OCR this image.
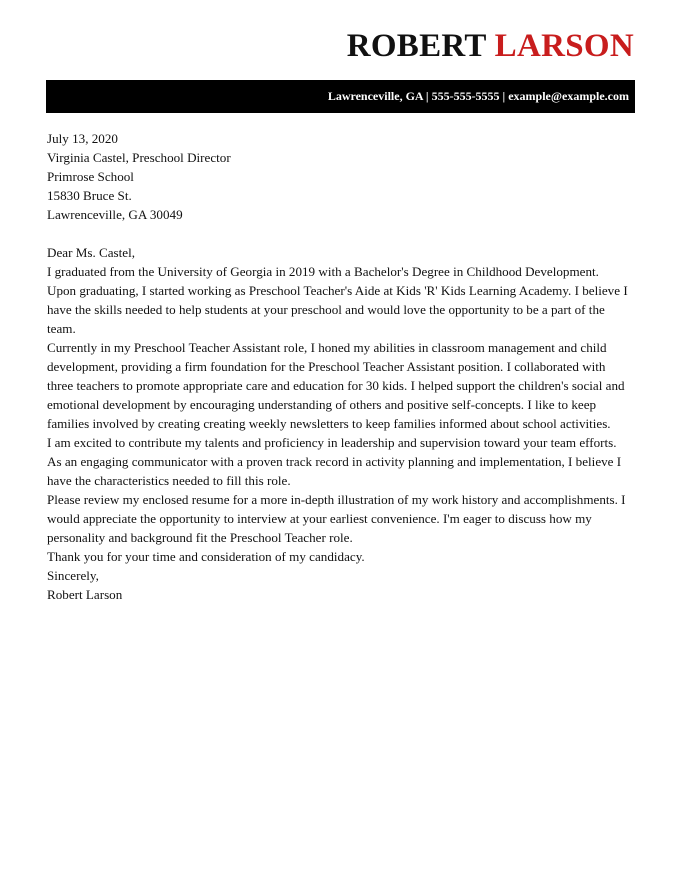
ROBERT LARSON
Lawrenceville, GA | 555-555-5555 | example@example.com

July 13, 2020

Virginia Castel, Preschool Director

Primrose School

15830 Bruce St.

Lawrenceville, GA 30049

Dear Ms. Castel,

I graduated from the University of Georgia in 2019 with a Bachelor's Degree in Childhood Development. Upon graduating, I started working as Preschool Teacher's Aide at Kids 'R' Kids Learning Academy. I believe I have the skills needed to help students at your preschool and would love the opportunity to be a part of the team.

Currently in my Preschool Teacher Assistant role, I honed my abilities in classroom management and child development, providing a firm foundation for the Preschool Teacher Assistant position. I collaborated with three teachers to promote appropriate care and education for 30 kids. I helped support the children's social and emotional development by encouraging understanding of others and positive self-concepts. I like to keep families involved by creating creating weekly newsletters to keep families informed about school activities.

I am excited to contribute my talents and proficiency in leadership and supervision toward your team efforts. As an engaging communicator with a proven track record in activity planning and implementation, I believe I have the characteristics needed to fill this role.

Please review my enclosed resume for a more in-depth illustration of my work history and accomplishments. I would appreciate the opportunity to interview at your earliest convenience. I'm eager to discuss how my personality and background fit the Preschool Teacher role.

Thank you for your time and consideration of my candidacy.

Sincerely,

Robert Larson
